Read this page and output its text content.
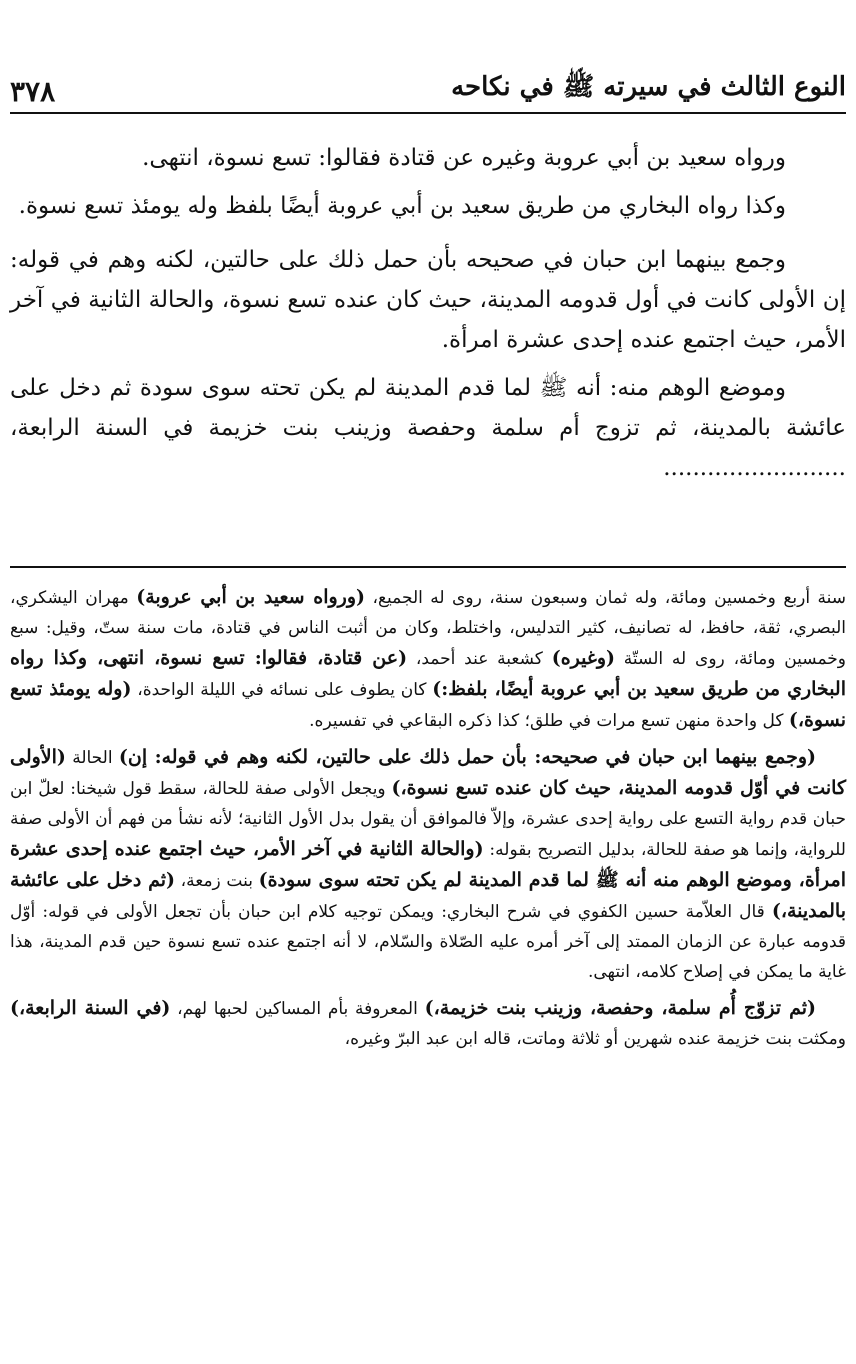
النوع الثالث في سيرته ﷺ في نكاحه
٣٧٨

ورواه سعيد بن أبي عروبة وغيره عن قتادة فقالوا: تسع نسوة، انتهى.

وكذا رواه البخاري من طريق سعيد بن أبي عروبة أيضًا بلفظ وله يومئذ تسع نسوة.

وجمع بينهما ابن حبان في صحيحه بأن حمل ذلك على حالتين، لكنه وهم في قوله: إن الأولى كانت في أول قدومه المدينة، حيث كان عنده تسع نسوة، والحالة الثانية في آخر الأمر، حيث اجتمع عنده إحدى عشرة امرأة.

وموضع الوهم منه: أنه ﷺ لما قدم المدينة لم يكن تحته سوى سودة ثم دخل على عائشة بالمدينة، ثم تزوج أم سلمة وحفصة وزينب بنت خزيمة في السنة الرابعة، .........................

سنة أربع وخمسين ومائة، وله ثمان وسبعون سنة، روى له الجميع، (ورواه سعيد بن أبي عروبة) مهران اليشكري، البصري، ثقة، حافظ، له تصانيف، كثير التدليس، واختلط، وكان من أثبت الناس في قتادة، مات سنة ستّ، وقيل: سبع وخمسين ومائة، روى له الستّة (وغيره) كشعبة عند أحمد، (عن قتادة، فقالوا: تسع نسوة، انتهى، وكذا رواه البخاري من طريق سعيد بن أبي عروبة أيضًا، بلفظ:) كان يطوف على نسائه في الليلة الواحدة، (وله يومئذ تسع نسوة،) كل واحدة منهن تسع مرات في طلق؛ كذا ذكره البقاعي في تفسيره.

(وجمع بينهما ابن حبان في صحيحه: بأن حمل ذلك على حالتين، لكنه وهم في قوله: إن) الحالة (الأولى كانت في أوّل قدومه المدينة، حيث كان عنده تسع نسوة،) ويجعل الأولى صفة للحالة، سقط قول شيخنا: لعلّ ابن حبان قدم رواية التسع على رواية إحدى عشرة، وإلاّ فالموافق أن يقول بدل الأول الثانية؛ لأنه نشأ من فهم أن الأولى صفة للرواية، وإنما هو صفة للحالة، بدليل التصريح بقوله: (والحالة الثانية في آخر الأمر، حيث اجتمع عنده إحدى عشرة امرأة، وموضع الوهم منه أنه ﷺ لما قدم المدينة لم يكن تحته سوى سودة) بنت زمعة، (ثم دخل على عائشة بالمدينة،) قال العلاّمة حسين الكفوي في شرح البخاري: ويمكن توجيه كلام ابن حبان بأن تجعل الأولى في قوله: أوّل قدومه عبارة عن الزمان الممتد إلى آخر أمره عليه الصّلاة والسّلام، لا أنه اجتمع عنده تسع نسوة حين قدم المدينة، هذا غاية ما يمكن في إصلاح كلامه، انتهى.

(ثم تزوّج أُم سلمة، وحفصة، وزينب بنت خزيمة،) المعروفة بأم المساكين لحبها لهم، (في السنة الرابعة،) ومكثت بنت خزيمة عنده شهرين أو ثلاثة وماتت، قاله ابن عبد البرّ وغيره،
